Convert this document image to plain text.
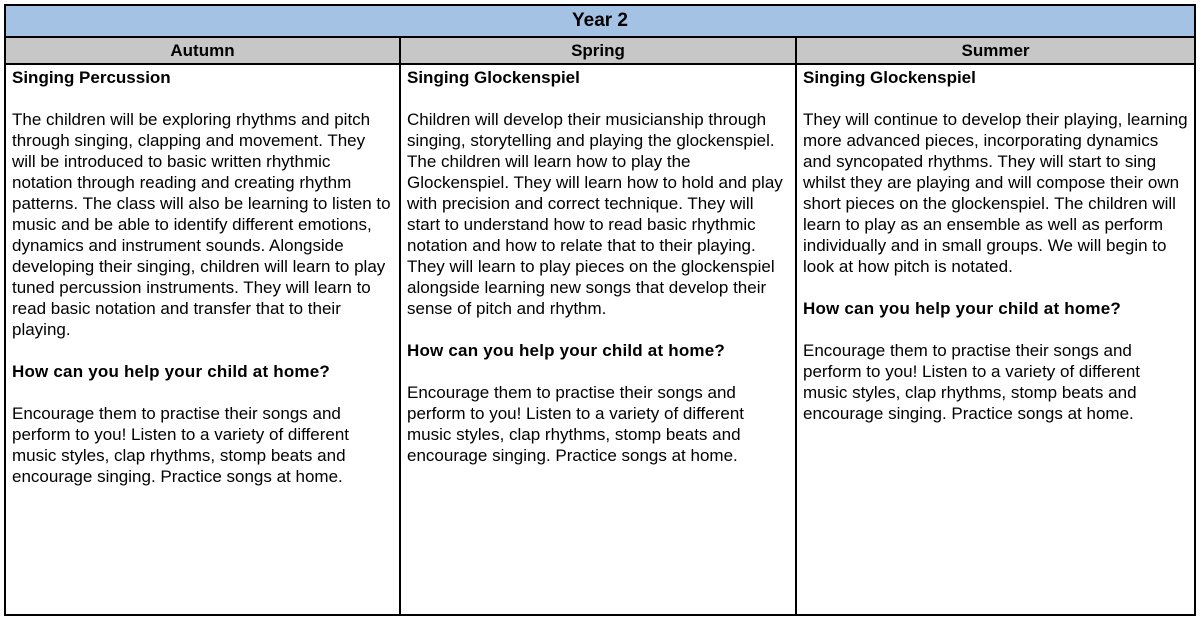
Year 2
Autumn	Spring	Summer
Singing Percussion
The children will be exploring rhythms and pitch through singing, clapping and movement. They will be introduced to basic written rhythmic notation through reading and creating rhythm patterns. The class will also be learning to listen to music and be able to identify different emotions, dynamics and instrument sounds. Alongside developing their singing, children will learn to play tuned percussion instruments. They will learn to read basic notation and transfer that to their playing.
How can you help your child at home?
Encourage them to practise their songs and perform to you! Listen to a variety of different music styles, clap rhythms, stomp beats and encourage singing. Practice songs at home.
Singing Glockenspiel
Children will develop their musicianship through singing, storytelling and playing the glockenspiel. The children will learn how to play the Glockenspiel. They will learn how to hold and play with precision and correct technique. They will start to understand how to read basic rhythmic notation and how to relate that to their playing. They will learn to play pieces on the glockenspiel alongside learning new songs that develop their sense of pitch and rhythm.
How can you help your child at home?
Encourage them to practise their songs and perform to you! Listen to a variety of different music styles, clap rhythms, stomp beats and encourage singing. Practice songs at home.
Singing Glockenspiel
They will continue to develop their playing, learning more advanced pieces, incorporating dynamics and syncopated rhythms. They will start to sing whilst they are playing and will compose their own short pieces on the glockenspiel. The children will learn to play as an ensemble as well as perform individually and in small groups. We will begin to look at how pitch is notated.
How can you help your child at home?
Encourage them to practise their songs and perform to you! Listen to a variety of different music styles, clap rhythms, stomp beats and encourage singing. Practice songs at home.
